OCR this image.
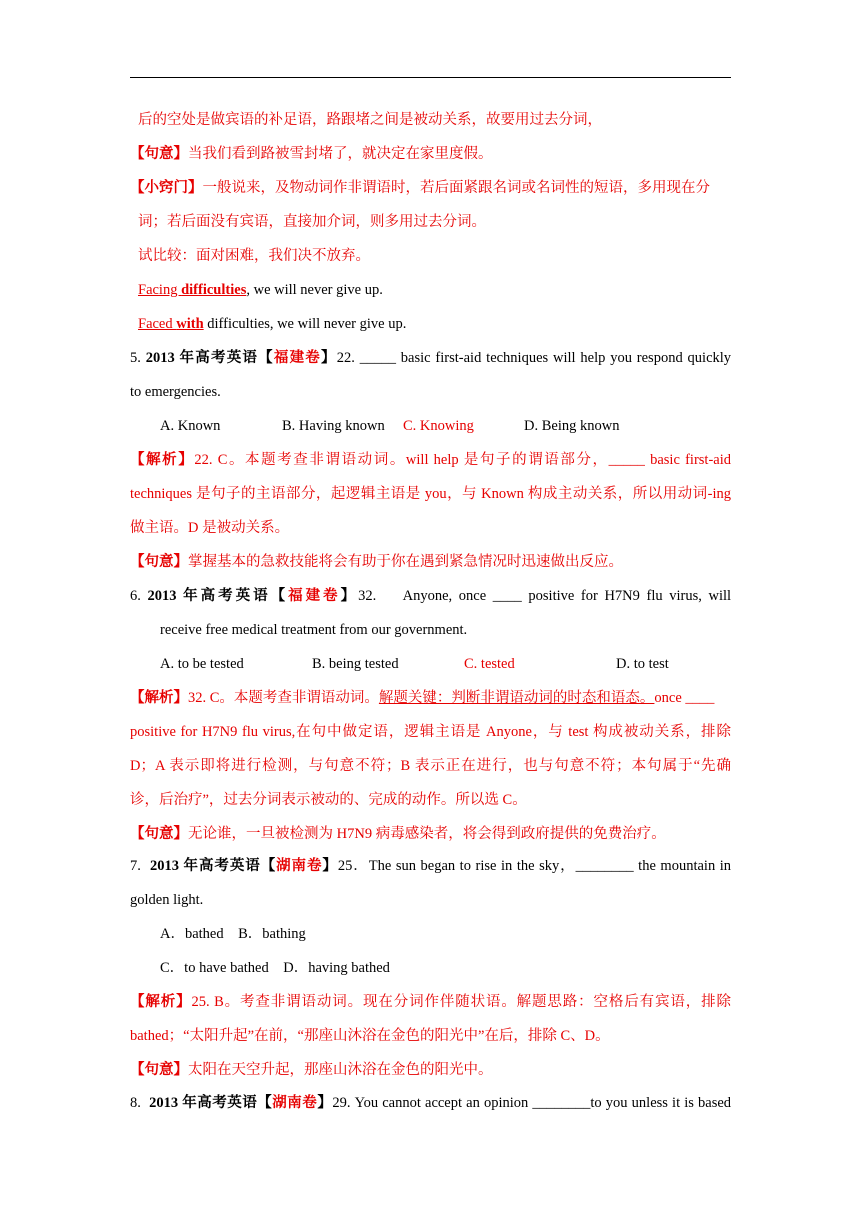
后的空处是做宾语的补足语，路跟堵之间是被动关系，故要用过去分词，
【句意】当我们看到路被雪封堵了，就决定在家里度假。
【小窍门】一般说来，及物动词作非谓语时，若后面紧跟名词或名词性的短语，多用现在分
词；若后面没有宾语，直接加介词，则多用过去分词。
试比较：面对困难，我们决不放弃。
Facing difficulties, we will never give up.
Faced with difficulties, we will never give up.
5. 2013 年高考英语【福建卷】22. _____ basic first-aid techniques will help you respond quickly
to emergencies.
A. Known	B. Having known C. Knowing	D. Being known
【解析】22. C。本题考查非谓语动词。will help 是句子的谓语部分，_____ basic first-aid
techniques 是句子的主语部分，起逻辑主语是 you，与 Known 构成主动关系，所以用动词-ing
做主语。D 是被动关系。
【句意】掌握基本的急救技能将会有助于你在遇到紧急情况时迅速做出反应。
6. 2013 年高考英语【福建卷】32.    Anyone, once ____ positive for H7N9 flu virus, will
receive free medical treatment from our government.
A. to be tested	B. being tested	C. tested	D. to test
【解析】32. C。本题考查非谓语动词。解题关键：判断非谓语动词的时态和语态。once ____
positive for H7N9 flu virus,在句中做定语，逻辑主语是 Anyone，与 test 构成被动关系，排除
D；A 表示即将进行检测，与句意不符；B 表示正在进行，也与句意不符；本句属于“先确
诊，后治疗”，过去分词表示被动的、完成的动作。所以选 C。
【句意】无论谁，一旦被检测为 H7N9 病毒感染者，将会得到政府提供的免费治疗。
7.  2013 年高考英语【湖南卷】25．The sun began to rise in the sky，________ the mountain in
golden light.
A．bathed    B．bathing
C．to have bathed    D．having bathed
【解析】25. B。考查非谓语动词。现在分词作伴随状语。解题思路：空格后有宾语，排除
bathed；“太阳升起”在前，“那座山沐浴在金色的阳光中”在后，排除 C、D。
【句意】太阳在天空升起，那座山沐浴在金色的阳光中。
8.  2013 年高考英语【湖南卷】29. You cannot accept an opinion ________to you unless it is based
